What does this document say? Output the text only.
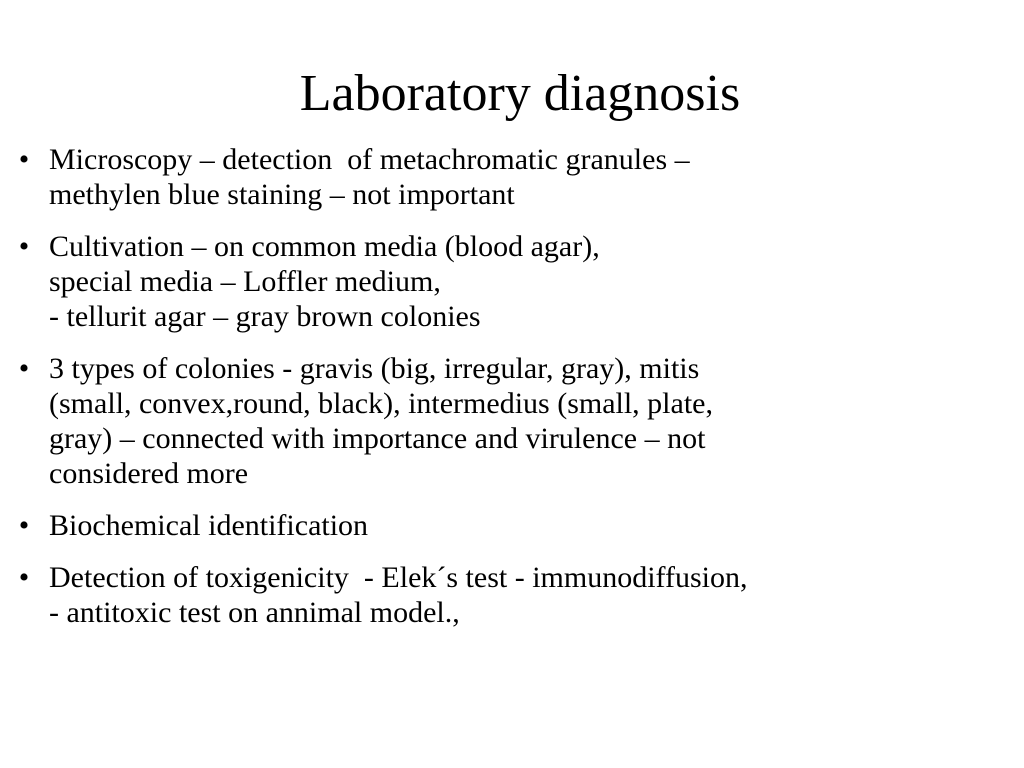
Laboratory diagnosis
• Microscopy – detection  of metachromatic granules –
methylen blue staining – not important
• Cultivation – on common media (blood agar),
special media – Loffler medium,
- tellurit agar – gray brown colonies
• 3 types of colonies - gravis (big, irregular, gray), mitis
(small, convex,round, black), intermedius (small, plate,
gray) – connected with importance and virulence – not
considered more
• Biochemical identification
• Detection of toxigenicity  - Elek´s test - immunodiffusion,
- antitoxic test on annimal model.,
